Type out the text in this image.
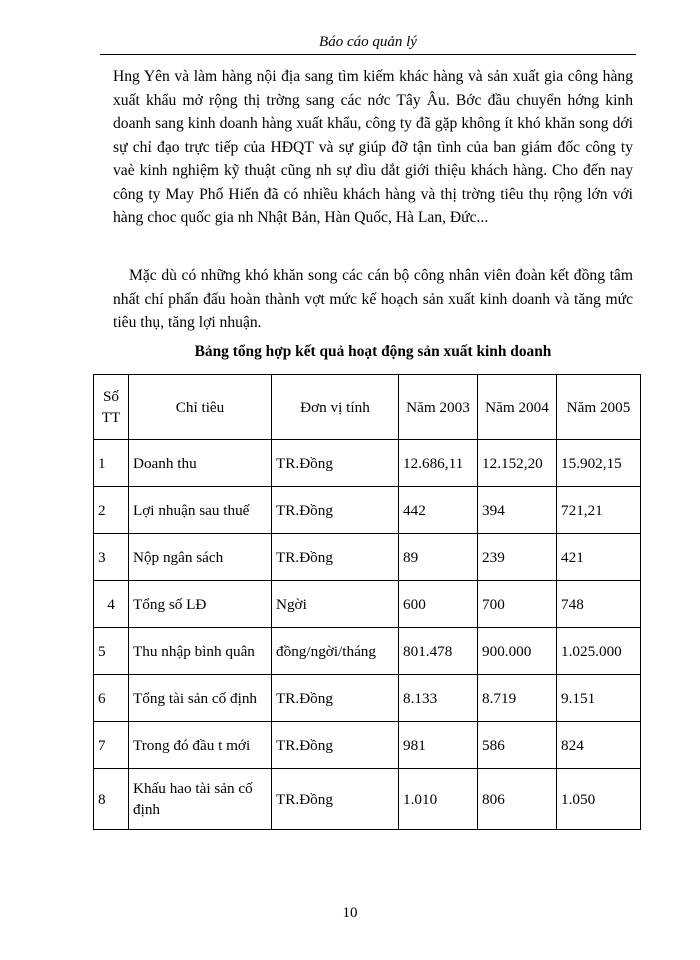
Báo cáo quản lý

Hng Yên và làm hàng nội địa sang tìm kiếm khác hàng và sản xuất gia công hàng xuất khẩu mở rộng thị trờng sang các nớc Tây Âu. Bớc đầu chuyển hớng kinh doanh sang kinh doanh hàng xuất khẩu, công ty đã gặp không ít khó khăn song dới sự chỉ đạo trực tiếp của HĐQT và sự giúp đỡ tận tình của ban giám đốc công ty vaè kinh nghiệm kỹ thuật cũng nh sự dìu dắt giới thiệu khách hàng. Cho đến nay công ty May Phố Hiến đã có nhiều khách hàng và thị trờng tiêu thụ rộng lớn với hàng choc quốc gia nh Nhật Bản, Hàn Quốc, Hà Lan, Đức...

Mặc dù có những khó khăn song các cán bộ công nhân viên đoàn kết đồng tâm nhất chí phấn đấu hoàn thành vợt mức kế hoạch sản xuất kinh doanh và tăng mức tiêu thụ, tăng lợi nhuận.

Bảng tổng hợp kết quả hoạt động sản xuất kinh doanh
Số TT	Chỉ tiêu	Đơn vị tính	Năm 2003	Năm 2004	Năm 2005
1	Doanh thu	TR.Đồng	12.686,11	12.152,20	15.902,15
2	Lợi nhuận sau thuế	TR.Đồng	442	394	721,21
3	Nộp ngân sách	TR.Đồng	89	239	421
4	Tổng số LĐ	Ngời	600	700	748
5	Thu nhập bình quân	đồng/ngời/tháng	801.478	900.000	1.025.000
6	Tổng tài sản cố định	TR.Đồng	8.133	8.719	9.151
7	Trong đó đầu t mới	TR.Đồng	981	586	824
8	Khấu hao tài sản cố định	TR.Đồng	1.010	806	1.050
10
